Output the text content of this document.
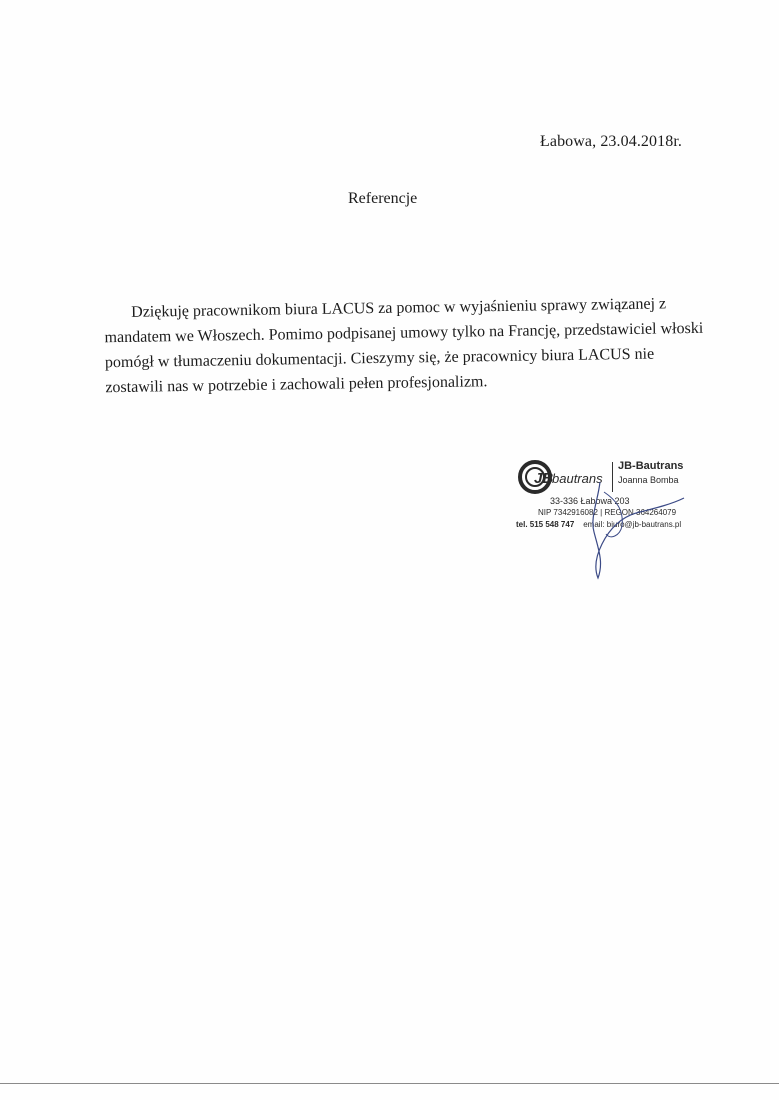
Łabowa, 23.04.2018r.
Referencje
Dziękuję pracownikom biura LACUS za pomoc w wyjaśnieniu sprawy związanej z
mandatem we Włoszech. Pomimo podpisanej umowy tylko na Francję, przedstawiciel włoski
pomógł w tłumaczeniu dokumentacji. Cieszymy się, że pracownicy biura LACUS nie
zostawili nas w potrzebie i zachowali pełen profesjonalizm.
JB
bautrans
JB-Bautrans
Joanna Bomba
33-336 Łabowa 203
NIP 7342916082 | REGON 364264079
tel. 515 548 747 email: biuro@jb-bautrans.pl
